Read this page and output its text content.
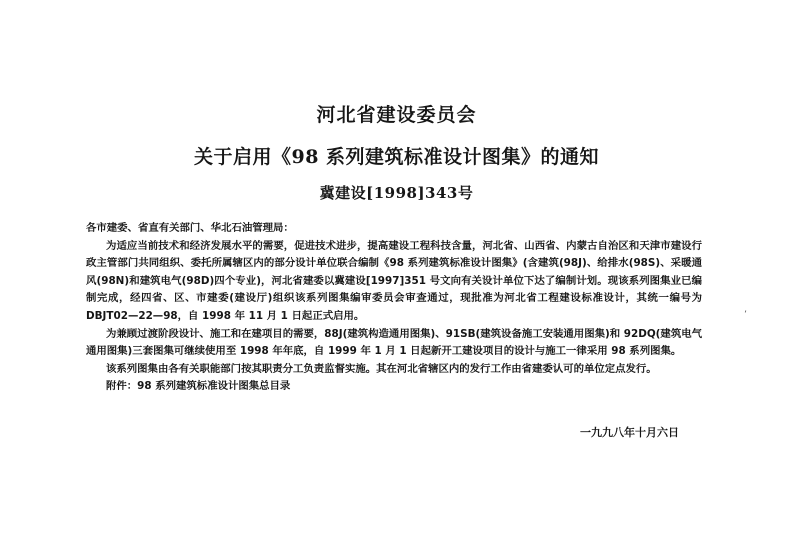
河北省建设委员会
关于启用《98 系列建筑标准设计图集》的通知
冀建设[1998]343号

各市建委、省直有关部门、华北石油管理局：

为适应当前技术和经济发展水平的需要，促进技术进步，提高建设工程科技含量，河北省、山西省、内蒙古自治区和天津市建设行政主管部门共同组织、委托所属辖区内的部分设计单位联合编制《98 系列建筑标准设计图集》(含建筑(98J)、给排水(98S)、采暖通风(98N)和建筑电气(98D)四个专业)，河北省建委以冀建设[1997]351 号文向有关设计单位下达了编制计划。现该系列图集业已编制完成，经四省、区、市建委(建设厅)组织该系列图集编审委员会审查通过，现批准为河北省工程建设标准设计，其统一编号为 DBJT02—22—98，自 1998 年 11 月 1 日起正式启用。

为兼顾过渡阶段设计、施工和在建项目的需要，88J(建筑构造通用图集)、91SB(建筑设备施工安装通用图集)和 92DQ(建筑电气通用图集)三套图集可继续使用至 1998 年年底，自 1999 年 1 月 1 日起新开工建设项目的设计与施工一律采用 98 系列图集。

该系列图集由各有关职能部门按其职责分工负责监督实施。其在河北省辖区内的发行工作由省建委认可的单位定点发行。

附件：98 系列建筑标准设计图集总目录

一九九八年十月六日
ʼ
